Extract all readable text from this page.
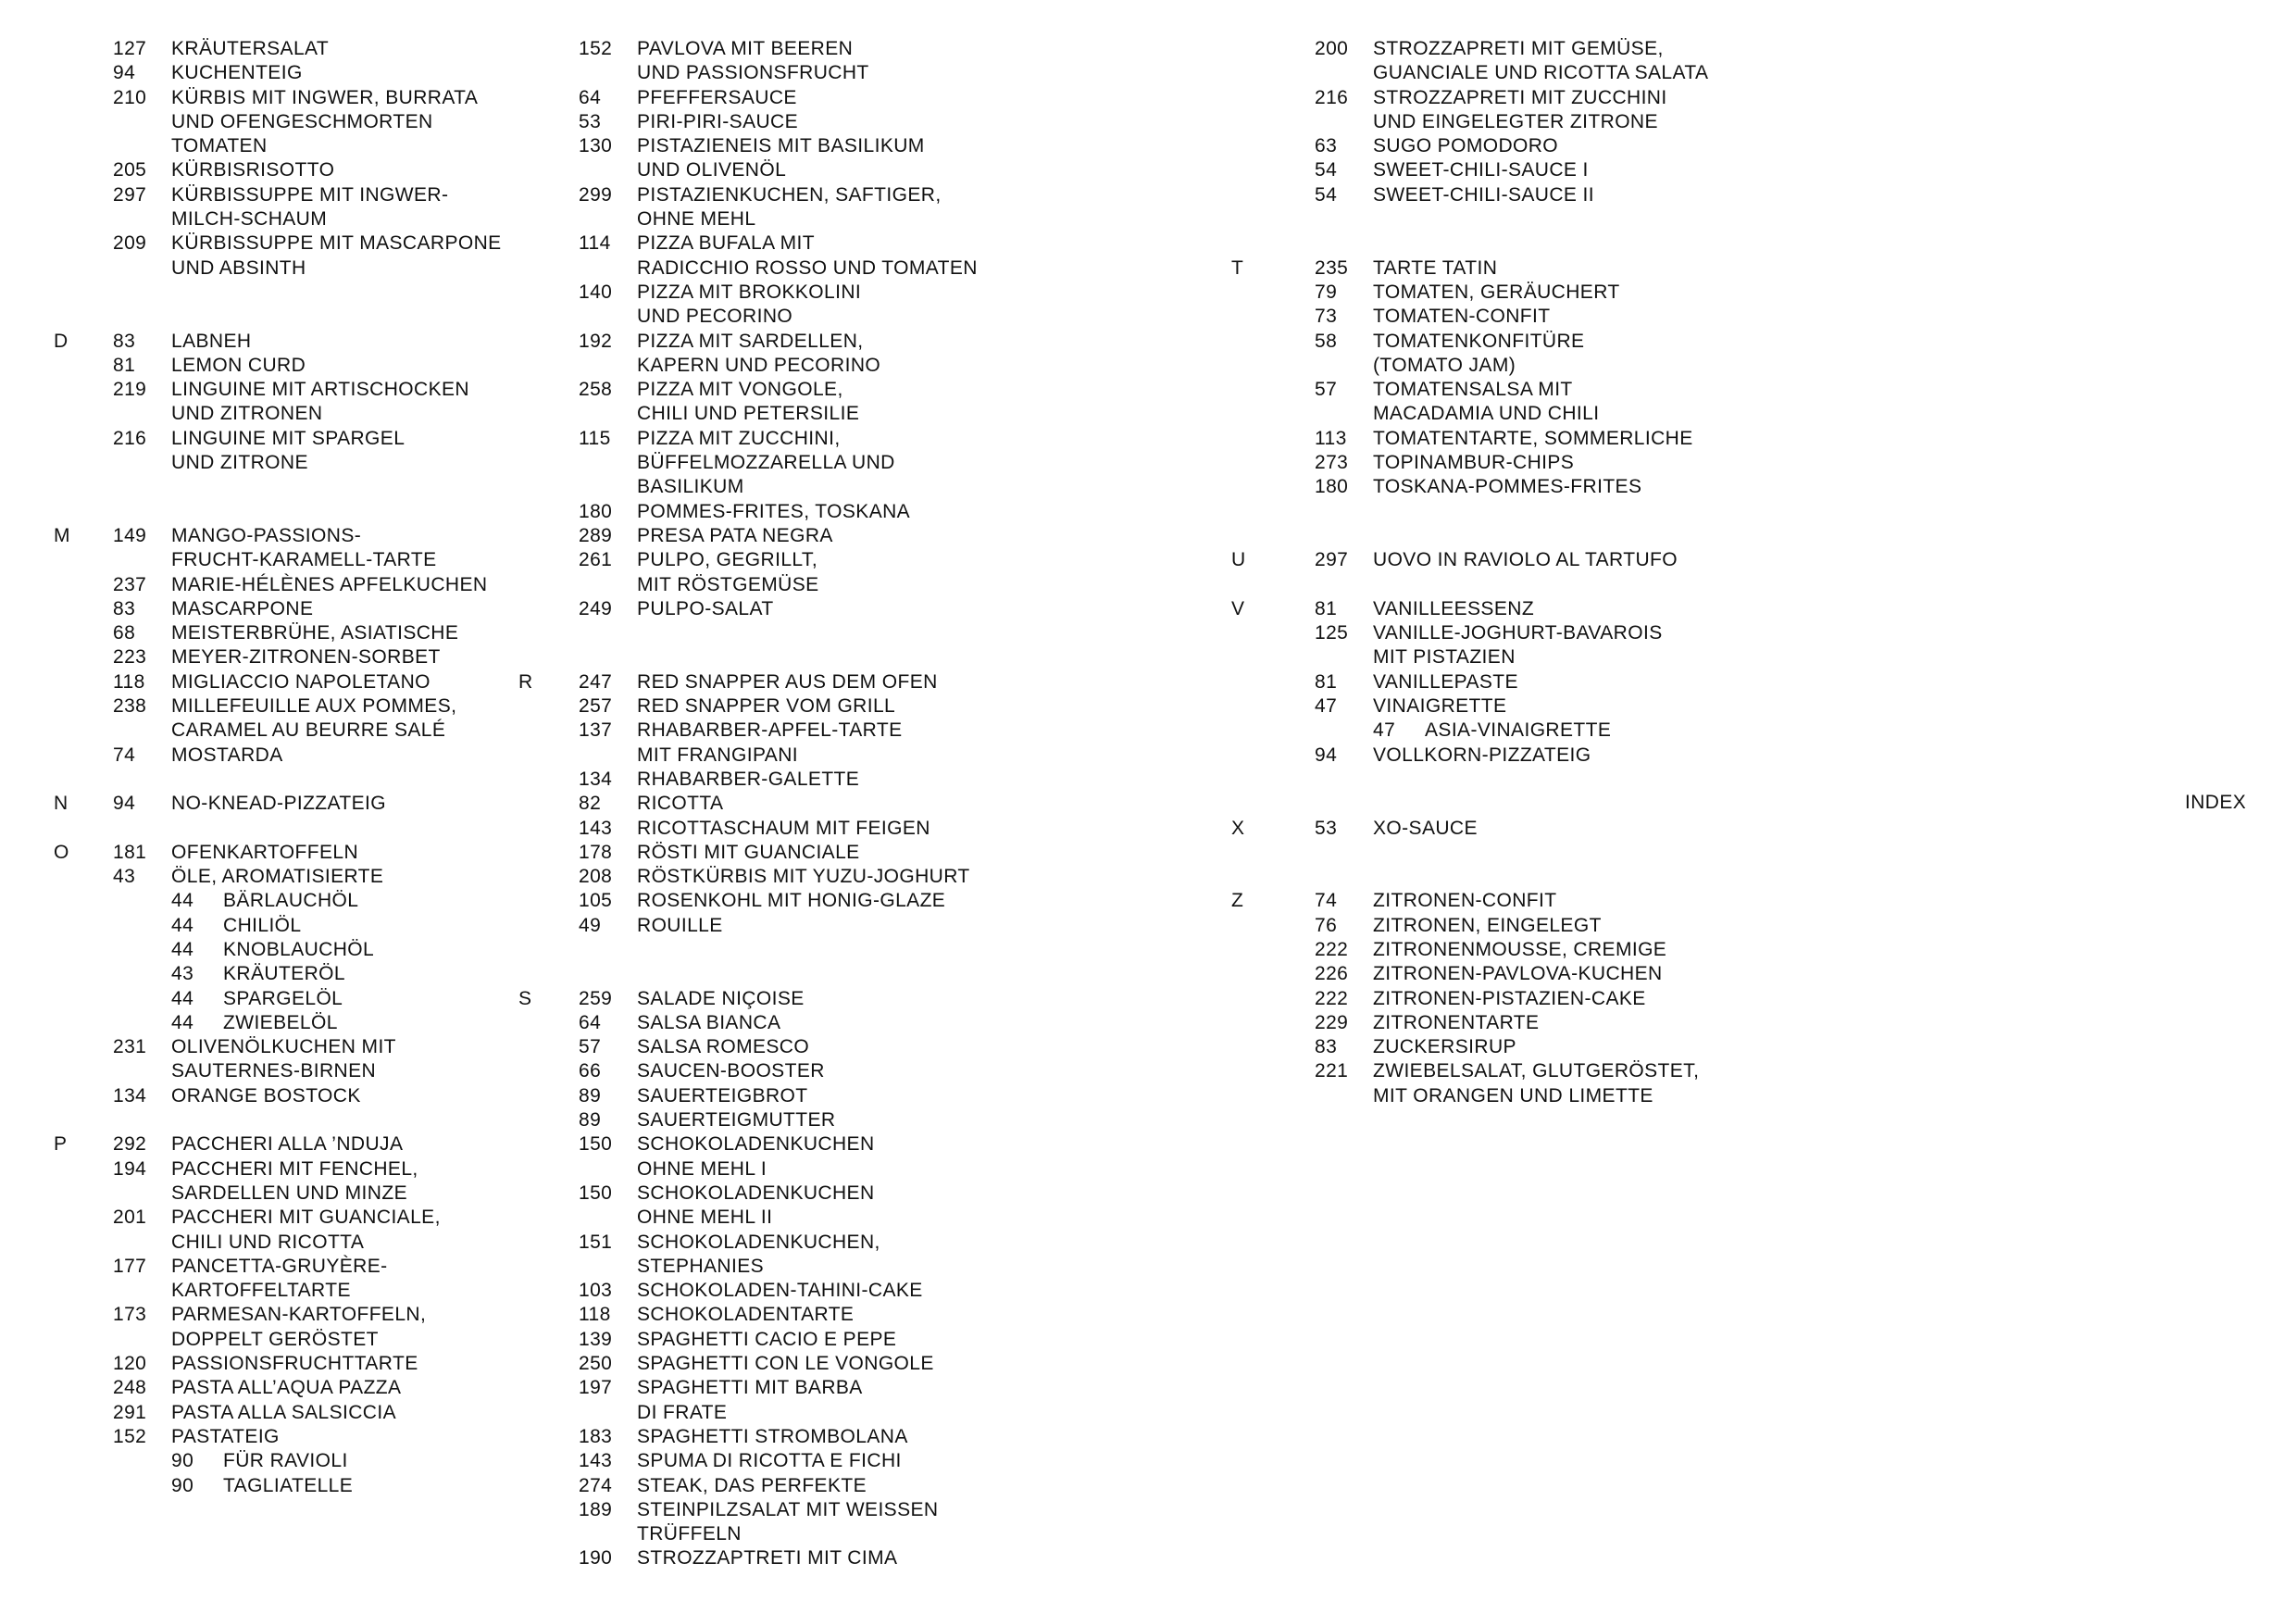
127 KRÄUTERSALAT
94 KUCHENTEIG
210 KÜRBIS MIT INGWER, BURRATA
UND OFENGESCHMORTEN
TOMATEN
205 KÜRBISRISOTTO
297 KÜRBISSUPPE MIT INGWER-
MILCH-SCHAUM
209 KÜRBISSUPPE MIT MASCARPONE
UND ABSINTH
D 83 LABNEH
81 LEMON CURD
219 LINGUINE MIT ARTISCHOCKEN
UND ZITRONEN
216 LINGUINE MIT SPARGEL
UND ZITRONE
M 149 MANGO-PASSIONS-
FRUCHT-KARAMELL-TARTE
237 MARIE-HÉLÈNES APFELKUCHEN
83 MASCARPONE
68 MEISTERBRÜHE, ASIATISCHE
223 MEYER-ZITRONEN-SORBET
118 MIGLIACCIO NAPOLETANO
238 MILLEFEUILLE AUX POMMES,
CARAMEL AU BEURRE SALÉ
74 MOSTARDA
N 94 NO-KNEAD-PIZZATEIG
O 181 OFENKARTOFFELN
43 ÖLE, AROMATISIERTE
44 BÄRLAUCHÖL
44 CHILIÖL
44 KNOBLAUCHÖL
43 KRÄUTERÖL
44 SPARGELÖL
44 ZWIEBELÖL
231 OLIVENÖLKUCHEN MIT
SAUTERNES-BIRNEN
134 ORANGE BOSTOCK
P 292 PACCHERI ALLA ’NDUJA
194 PACCHERI MIT FENCHEL,
SARDELLEN UND MINZE
201 PACCHERI MIT GUANCIALE,
CHILI UND RICOTTA
177 PANCETTA-GRUYÈRE-
KARTOFFELTARTE
173 PARMESAN-KARTOFFELN,
DOPPELT GERÖSTET
120 PASSIONSFRUCHTTARTE
248 PASTA ALL’AQUA PAZZA
291 PASTA ALLA SALSICCIA
152 PASTATEIG
90 FÜR RAVIOLI
90 TAGLIATELLE
152 PAVLOVA MIT BEEREN
UND PASSIONSFRUCHT
64 PFEFFERSAUCE
53 PIRI-PIRI-SAUCE
130 PISTAZIENEIS MIT BASILIKUM
UND OLIVENÖL
299 PISTAZIENKUCHEN, SAFTIGER,
OHNE MEHL
114 PIZZA BUFALA MIT
RADICCHIO ROSSO UND TOMATEN
140 PIZZA MIT BROKKOLINI
UND PECORINO
192 PIZZA MIT SARDELLEN,
KAPERN UND PECORINO
258 PIZZA MIT VONGOLE,
CHILI UND PETERSILIE
115 PIZZA MIT ZUCCHINI,
BÜFFELMOZZARELLA UND
BASILIKUM
180 POMMES-FRITES, TOSKANA
289 PRESA PATA NEGRA
261 PULPO, GEGRILLT,
MIT RÖSTGEMÜSE
249 PULPO-SALAT
R 247 RED SNAPPER AUS DEM OFEN
257 RED SNAPPER VOM GRILL
137 RHABARBER-APFEL-TARTE
MIT FRANGIPANI
134 RHABARBER-GALETTE
82 RICOTTA
143 RICOTTASCHAUM MIT FEIGEN
178 RÖSTI MIT GUANCIALE
208 RÖSTKÜRBIS MIT YUZU-JOGHURT
105 ROSENKOHL MIT HONIG-GLAZE
49 ROUILLE
S 259 SALADE NIÇOISE
64 SALSA BIANCA
57 SALSA ROMESCO
66 SAUCEN-BOOSTER
89 SAUERTEIGBROT
89 SAUERTEIGMUTTER
150 SCHOKOLADENKUCHEN
OHNE MEHL I
150 SCHOKOLADENKUCHEN
OHNE MEHL II
151 SCHOKOLADENKUCHEN,
STEPHANIES
103 SCHOKOLADEN-TAHINI-CAKE
118 SCHOKOLADENTARTE
139 SPAGHETTI CACIO E PEPE
250 SPAGHETTI CON LE VONGOLE
197 SPAGHETTI MIT BARBA
DI FRATE
183 SPAGHETTI STROMBOLANA
143 SPUMA DI RICOTTA E FICHI
274 STEAK, DAS PERFEKTE
189 STEINPILZSALAT MIT WEISSEN
TRÜFFELN
190 STROZZAPTRETI MIT CIMA
200 STROZZAPRETI MIT GEMÜSE,
GUANCIALE UND RICOTTA SALATA
216 STROZZAPRETI MIT ZUCCHINI
UND EINGELEGTER ZITRONE
63 SUGO POMODORO
54 SWEET-CHILI-SAUCE I
54 SWEET-CHILI-SAUCE II
T	235 TARTE TATIN
79 TOMATEN, GERÄUCHERT
73 TOMATEN-CONFIT
58 TOMATENKONFITÜRE
(TOMATO JAM)
57 TOMATENSALSA MIT
MACADAMIA UND CHILI
113 TOMATENTARTE, SOMMERLICHE
273 TOPINAMBUR-CHIPS
180 TOSKANA-POMMES-FRITES
U	297 UOVO IN RAVIOLO AL TARTUFO
V	81 VANILLEESSENZ
125 VANILLE-JOGHURT-BAVAROIS
MIT PISTAZIEN
81 VANILLEPASTE
47 VINAIGRETTE
47 ASIA-VINAIGRETTE
94 VOLLKORN-PIZZATEIG
X	53 XO-SAUCE
Z	74 ZITRONEN-CONFIT
76 ZITRONEN, EINGELEGT
222 ZITRONENMOUSSE, CREMIGE
226 ZITRONEN-PAVLOVA-KUCHEN
222 ZITRONEN-PISTAZIEN-CAKE
229 ZITRONENTARTE
83 ZUCKERSIRUP
221 ZWIEBELSALAT, GLUTGERÖSTET,
MIT ORANGEN UND LIMETTE
INDEX
